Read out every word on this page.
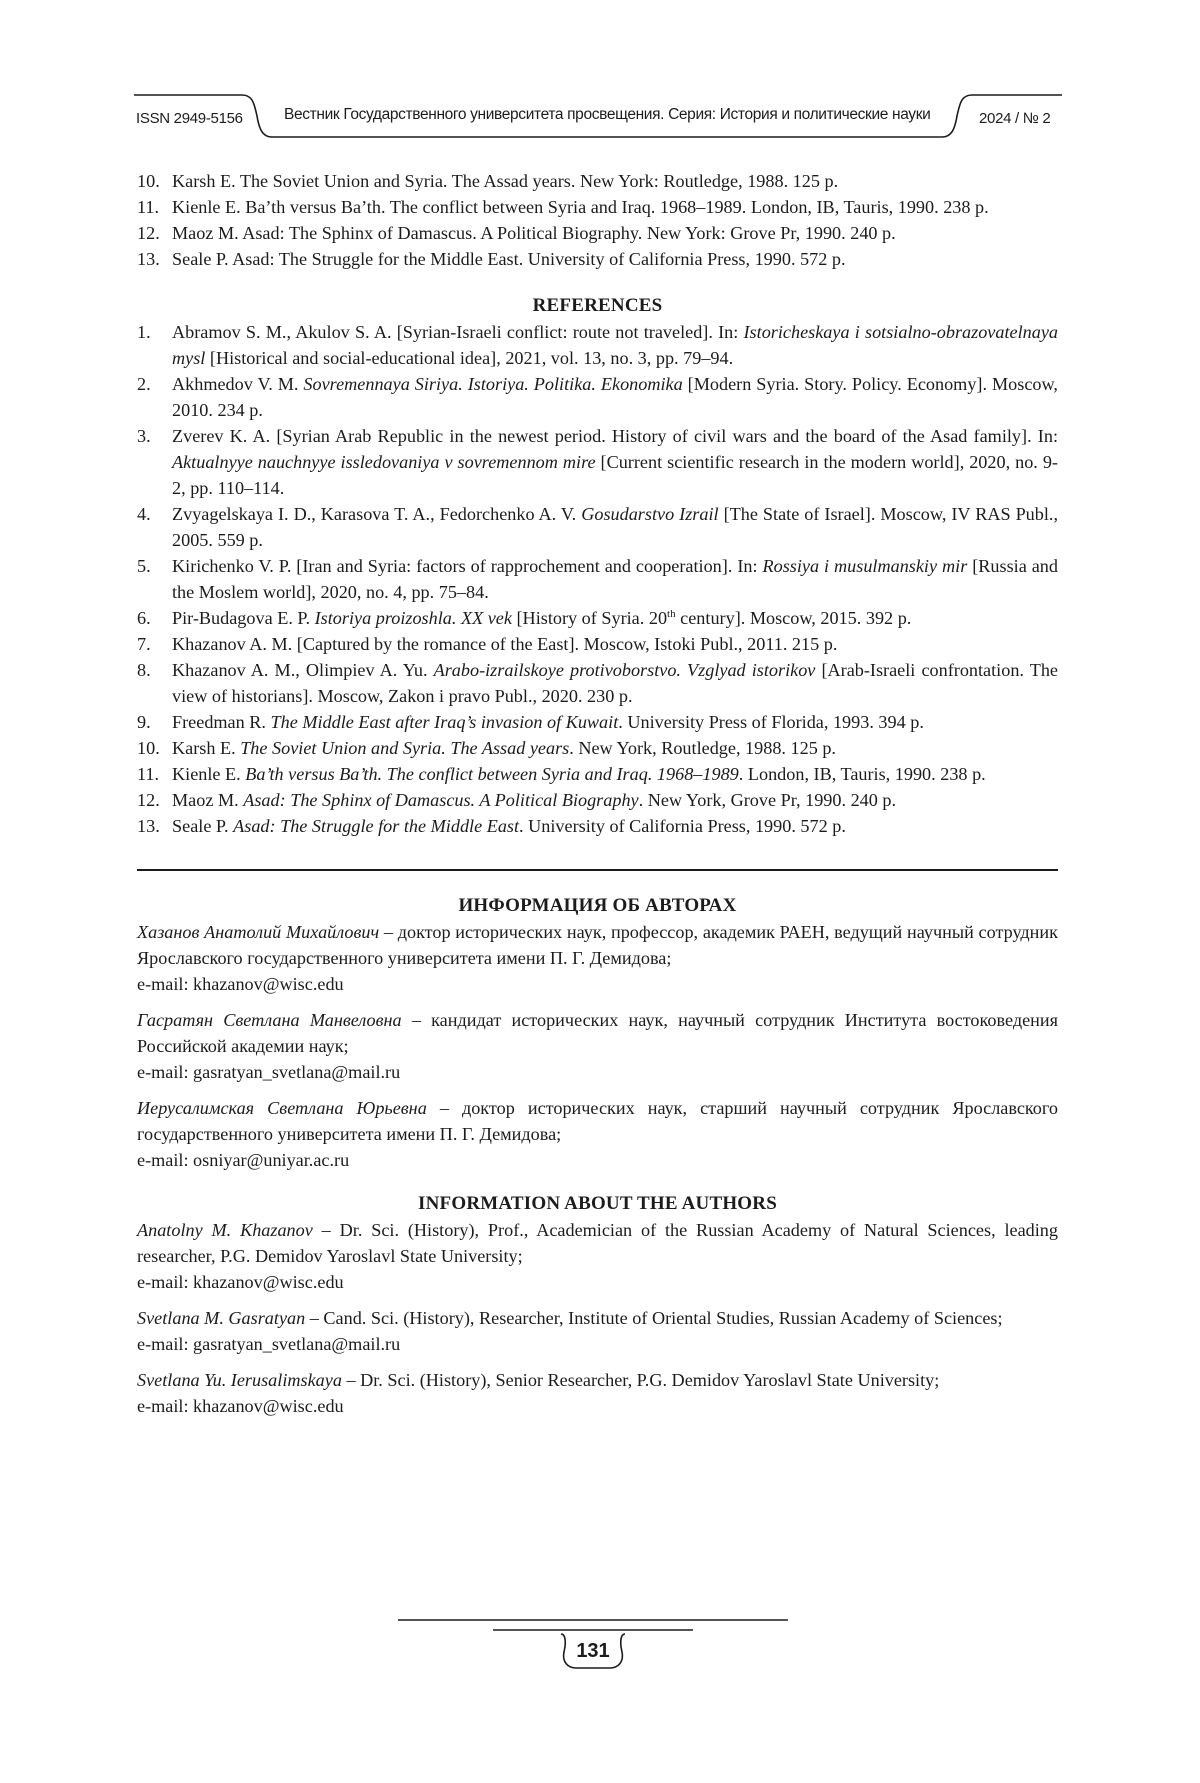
ISSN 2949-5156	Вестник Государственного университета просвещения. Серия: История и политические науки	2024 / № 2
10. Karsh E. The Soviet Union and Syria. The Assad years. New York: Routledge, 1988. 125 p.
11. Kienle E. Ba’th versus Ba’th. The conflict between Syria and Iraq. 1968–1989. London, IB, Tauris, 1990. 238 p.
12. Maoz M. Asad: The Sphinx of Damascus. A Political Biography. New York: Grove Pr, 1990. 240 p.
13. Seale P. Asad: The Struggle for the Middle East. University of California Press, 1990. 572 p.
REFERENCES
1. Abramov S. M., Akulov S. A. [Syrian-Israeli conflict: route not traveled]. In: Istoricheskaya i sotsialno-obrazovatelnaya mysl [Historical and social-educational idea], 2021, vol. 13, no. 3, pp. 79–94.
2. Akhmedov V. M. Sovremennaya Siriya. Istoriya. Politika. Ekonomika [Modern Syria. Story. Policy. Economy]. Moscow, 2010. 234 p.
3. Zverev K. A. [Syrian Arab Republic in the newest period. History of civil wars and the board of the Asad family]. In: Aktualnyye nauchnyye issledovaniya v sovremennom mire [Current scientific research in the modern world], 2020, no. 9-2, pp. 110–114.
4. Zvyagelskaya I. D., Karasova T. A., Fedorchenko A. V. Gosudarstvo Izrail [The State of Israel]. Moscow, IV RAS Publ., 2005. 559 p.
5. Kirichenko V. P. [Iran and Syria: factors of rapprochement and cooperation]. In: Rossiya i musulmanskiy mir [Russia and the Moslem world], 2020, no. 4, pp. 75–84.
6. Pir-Budagova E. P. Istoriya proizoshla. XX vek [History of Syria. 20th century]. Moscow, 2015. 392 p.
7. Khazanov A. M. [Captured by the romance of the East]. Moscow, Istoki Publ., 2011. 215 p.
8. Khazanov A. M., Olimpiev A. Yu. Arabo-izrailskoye protivoborstvo. Vzglyad istorikov [Arab-Israeli confrontation. The view of historians]. Moscow, Zakon i pravo Publ., 2020. 230 p.
9. Freedman R. The Middle East after Iraq’s invasion of Kuwait. University Press of Florida, 1993. 394 p.
10. Karsh E. The Soviet Union and Syria. The Assad years. New York, Routledge, 1988. 125 p.
11. Kienle E. Ba’th versus Ba’th. The conflict between Syria and Iraq. 1968–1989. London, IB, Tauris, 1990. 238 p.
12. Maoz M. Asad: The Sphinx of Damascus. A Political Biography. New York, Grove Pr, 1990. 240 p.
13. Seale P. Asad: The Struggle for the Middle East. University of California Press, 1990. 572 p.
ИНФОРМАЦИЯ ОБ АВТОРАХ

Хазанов Анатолий Михайлович – доктор исторических наук, профессор, академик РАЕН, ведущий научный сотрудник Ярославского государственного университета имени П. Г. Демидова;

e-mail: khazanov@wisc.edu

Гасратян Светлана Манвеловна – кандидат исторических наук, научный сотрудник Института востоковедения Российской академии наук;

e-mail: gasratyan_svetlana@mail.ru

Иерусалимская Светлана Юрьевна – доктор исторических наук, старший научный сотрудник Ярославского государственного университета имени П. Г. Демидова;

e-mail: osniyar@uniyar.ac.ru

INFORMATION ABOUT THE AUTHORS

Anatolny M. Khazanov – Dr. Sci. (History), Prof., Academician of the Russian Academy of Natural Sciences, leading researcher, P.G. Demidov Yaroslavl State University;

e-mail: khazanov@wisc.edu

Svetlana M. Gasratyan – Cand. Sci. (History), Researcher, Institute of Oriental Studies, Russian Academy of Sciences;

e-mail: gasratyan_svetlana@mail.ru

Svetlana Yu. Ierusalimskaya – Dr. Sci. (History), Senior Researcher, P.G. Demidov Yaroslavl State University;

e-mail: khazanov@wisc.edu

131
